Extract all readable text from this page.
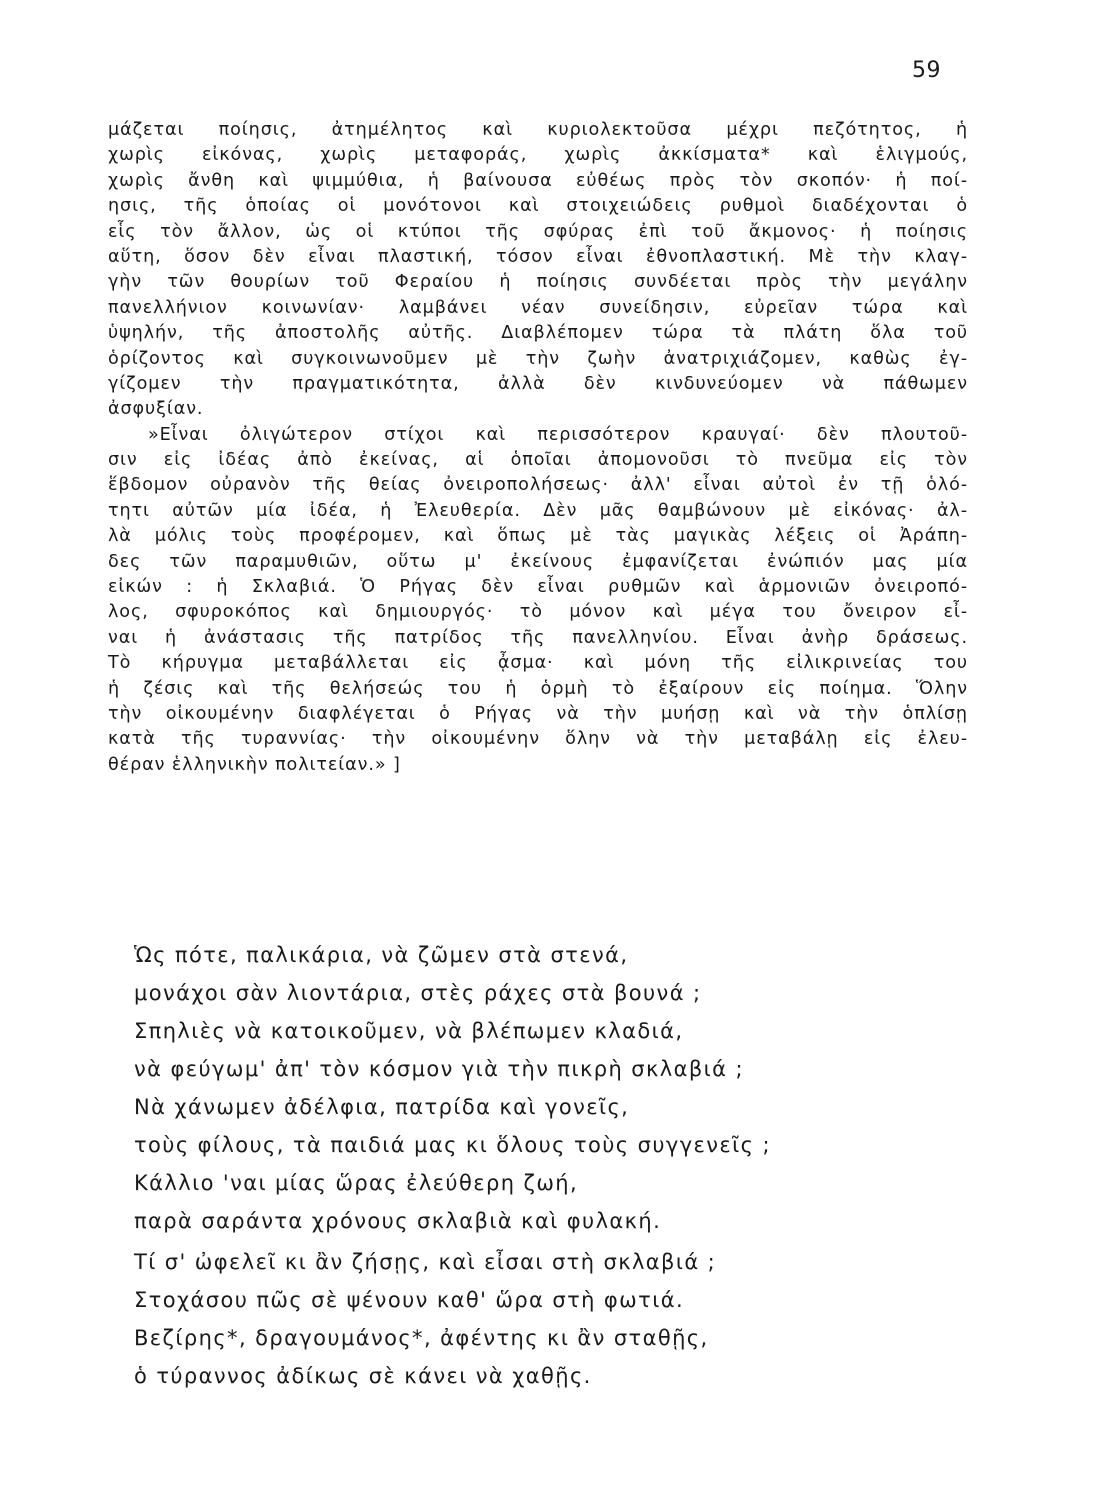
59
μάζεται ποίησις, ἀτημέλητος καὶ κυριολεκτοῦσα μέχρι πεζότητος, ἡ
χωρὶς εἰκόνας, χωρὶς μεταφοράς, χωρὶς ἀκκίσματα* καὶ ἑλιγμούς,
χωρὶς ἄνθη καὶ ψιμμύθια, ἡ βαίνουσα εὐθέως πρὸς τὸν σκοπόν· ἡ ποί-
ησις, τῆς ὁποίας οἱ μονότονοι καὶ στοιχειώδεις ρυθμοὶ διαδέχονται ὁ
εἷς τὸν ἄλλον, ὡς οἱ κτύποι τῆς σφύρας ἐπὶ τοῦ ἄκμονος· ἡ ποίησις
αὕτη, ὅσον δὲν εἶναι πλαστική, τόσον εἶναι ἐθνοπλαστική. Μὲ τὴν κλαγ-
γὴν τῶν θουρίων τοῦ Φεραίου ἡ ποίησις συνδέεται πρὸς τὴν μεγάλην
πανελλήνιον κοινωνίαν· λαμβάνει νέαν συνείδησιν, εὐρεῖαν τώρα καὶ
ὑψηλήν, τῆς ἀποστολῆς αὐτῆς. Διαβλέπομεν τώρα τὰ πλάτη ὅλα τοῦ
ὁρίζοντος καὶ συγκοινωνοῦμεν μὲ τὴν ζωὴν ἀνατριχιάζομεν, καθὼς ἐγ-
γίζομεν τὴν πραγματικότητα, ἀλλὰ δὲν κινδυνεύομεν νὰ πάθωμεν
ἀσφυξίαν.
»Εἶναι ὀλιγώτερον στίχοι καὶ περισσότερον κραυγαί· δὲν πλουτοῦ-
σιν εἰς ἰδέας ἀπὸ ἐκείνας, αἱ ὁποῖαι ἀπομονοῦσι τὸ πνεῦμα εἰς τὸν
ἕβδομον οὐρανὸν τῆς θείας ὀνειροπολήσεως· ἀλλ' εἶναι αὐτοὶ ἐν τῇ ὁλό-
τητι αὐτῶν μία ἰδέα, ἡ Ἐλευθερία. Δὲν μᾶς θαμβώνουν μὲ εἰκόνας· ἀλ-
λὰ μόλις τοὺς προφέρομεν, καὶ ὅπως μὲ τὰς μαγικὰς λέξεις οἱ Ἀράπη-
δες τῶν παραμυθιῶν, οὕτω μ' ἐκείνους ἐμφανίζεται ἐνώπιόν μας μία
εἰκών : ἡ Σκλαβιά. Ὁ Ρήγας δὲν εἶναι ρυθμῶν καὶ ἁρμονιῶν ὀνειροπό-
λος, σφυροκόπος καὶ δημιουργός· τὸ μόνον καὶ μέγα του ὄνειρον εἶ-
ναι ἡ ἀνάστασις τῆς πατρίδος τῆς πανελληνίου. Εἶναι ἀνὴρ δράσεως.
Τὸ κήρυγμα μεταβάλλεται εἰς ᾆσμα· καὶ μόνη τῆς εἰλικρινείας του
ἡ ζέσις καὶ τῆς θελήσεώς του ἡ ὁρμὴ τὸ ἐξαίρουν εἰς ποίημα. Ὅλην
τὴν οἰκουμένην διαφλέγεται ὁ Ρήγας νὰ τὴν μυήσῃ καὶ νὰ τὴν ὁπλίσῃ
κατὰ τῆς τυραννίας· τὴν οἰκουμένην ὅλην νὰ τὴν μεταβάλῃ εἰς ἐλευ-
θέραν ἑλληνικὴν πολιτείαν.» ]
Ὡς πότε, παλικάρια, νὰ ζῶμεν στὰ στενά,
μονάχοι σὰν λιοντάρια, στὲς ράχες στὰ βουνά ;
Σπηλιὲς νὰ κατοικοῦμεν, νὰ βλέπωμεν κλαδιά,
νὰ φεύγωμ' ἀπ' τὸν κόσμον γιὰ τὴν πικρὴ σκλαβιά ;
Νὰ χάνωμεν ἀδέλφια, πατρίδα καὶ γονεῖς,
τοὺς φίλους, τὰ παιδιά μας κι ὅλους τοὺς συγγενεῖς ;
Κάλλιο 'ναι μίας ὥρας ἐλεύθερη ζωή,
παρὰ σαράντα χρόνους σκλαβιὰ καὶ φυλακή.
Τί σ' ὠφελεῖ κι ἂν ζήσῃς, καὶ εἶσαι στὴ σκλαβιά ;
Στοχάσου πῶς σὲ ψένουν καθ' ὥρα στὴ φωτιά.
Βεζίρης*, δραγουμάνος*, ἀφέντης κι ἂν σταθῇς,
ὁ τύραννος ἀδίκως σὲ κάνει νὰ χαθῇς.
